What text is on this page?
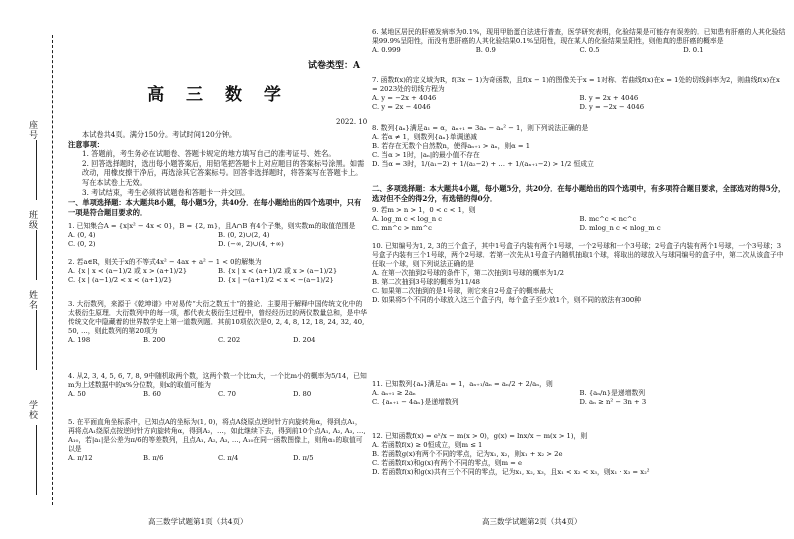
学校
姓名
班级
座号
试卷类型：A
高 三 数 学
2022. 10
本试卷共4页。满分150分。考试时间120分钟。
注意事项：
1. 答题前，考生务必在试题卷、答题卡规定的地方填写自己的准考证号、姓名。
2. 回答选择题时，选出每小题答案后，用铅笔把答题卡上对应题目的答案标号涂黑。如需改动，用橡皮擦干净后，再选涂其它答案标号。回答非选择题时，将答案写在答题卡上。写在本试卷上无效。
3. 考试结束，考生必须将试题卷和答题卡一并交回。
一、单项选择题：本大题共8小题，每小题5分，共40分．在每小题给出的四个选项中，只有一项是符合题目要求的．
1. 已知集合A = {x|x² − 4x < 0}，B = {2, m}，且A∩B 有4个子集，则实数m的取值范围是
A. (0, 4)	B. (0, 2)∪(2, 4)
C. (0, 2)	D. (−∞, 2)∪(4, +∞)
2. 若a∈R，则关于x的不等式4x² − 4ax + a² − 1 < 0的解集为
A. {x | x < (a−1)/2 或 x > (a+1)/2}	B. {x | x < (a+1)/2 或 x > (a−1)/2}
C. {x | (a−1)/2 < x < (a+1)/2}	D. {x | −(a+1)/2 < x < −(a−1)/2}
3. 大衍数列，来源于《乾坤谱》中对易传“大衍之数五十”的推论．主要用于解释中国传统文化中的太极衍生原理．大衍数列中的每一项，都代表太极衍生过程中，曾经经历过的两仪数量总和，是中华传统文化中隐藏着的世界数学史上第一道数列题．其前10项依次是0, 2, 4, 8, 12, 18, 24, 32, 40, 50, …，则此数列的第20项为
A. 198	B. 200	C. 202	D. 204
4. 从2, 3, 4, 5, 6, 7, 8, 9中随机取两个数，这两个数一个比m大，一个比m小的概率为5/14，已知m为上述数据中的x%分位数，则x的取值可能为
A. 50	B. 60	C. 70	D. 80
5. 在平面直角坐标系中，已知点A的坐标为(1, 0)，将点A绕原点逆时针方向旋转角α，得到点A₁，再将点A₁绕原点按逆时针方向旋转角α，得到A₂，…，如此继续下去，得到前10个点A₁, A₂, A₃, …, A₁₀，若|a₁|是公差为π/6的等差数列，且点A₁, A₂, A₃, …, A₁₀在同一函数图像上，则角α₁的取值可以是
A. π/12	B. π/6	C. π/4	D. π/5
高三数学试题第1页（共4页）
6. 某地区居民的肝癌发病率为0.1%，现用甲胎蛋白法进行普查，医学研究表明，化验结果是可能存有误差的．已知患有肝癌的人其化验结果99.9%呈阳性，而没有患肝癌的人其化验结果0.1%呈阳性，现在某人的化验结果呈阳性，则他真的患肝癌的概率是
A. 0.999	B. 0.9	C. 0.5	D. 0.1
7. 函数f(x)的定义域为R，f(3x − 1)为奇函数，且f(x − 1)的图像关于x = 1对称．若曲线f(x)在x = 1处的切线斜率为2，则曲线f(x)在x = 2023处的切线方程为
A. y = −2x + 4046	B. y = 2x + 4046
C. y = 2x − 4046	D. y = −2x − 4046
8. 数列{aₙ}满足a₁ = α，aₙ₊₁ = 3aₙ − aₙ² − 1，则下列说法正确的是
A. 若α ≠ 1，则数列{aₙ}单调递减
B. 若存在无数个自然数n，使得aₙ₊₁ > aₙ，则α = 1
C. 当α > 1时，|aₙ|的最小值不存在
D. 当α = 3时，1/(a₁−2) + 1/(a₂−2) + … + 1/(aₙ₊₁−2) > 1/2 恒成立
二、多项选择题：本大题共4小题，每小题5分，共20分．在每小题给出的四个选项中，有多项符合题目要求，全部选对的得5分，选对但不全的得2分，有选错的得0分．
9. 若m > n > 1，0 < c < 1，则
A. log_m c < log_n c	B. mc^c < nc^c
C. mn^c > nm^c	D. mlog_n c < nlog_m c
10. 已知编号为1, 2, 3的三个盒子，其中1号盒子内装有两个1号球，一个2号球和一个3号球；2号盒子内装有两个1号球，一个3号球；3号盒子内装有三个1号球，两个2号球．若第一次先从1号盒子内随机抽取1个球，将取出的球放入与球同编号的盒子中，第二次从该盒子中任取一个球，则下列说法正确的是
A. 在第一次抽到2号球的条件下，第二次抽到1号球的概率为1/2
B. 第二次抽到3号球的概率为11/48
C. 如果第二次抽到的是1号球，则它来自2号盒子的概率最大
D. 如果将5个不同的小球放入这三个盒子内，每个盒子至少放1个，则不同的放法有300种
11. 已知数列{aₙ}满足a₁ = 1，aₙ₊₁/aₙ = aₙ/2 + 2/aₙ，则
A. aₙ₊₁ ≥ 2aₙ	B. {aₙ/n}是递增数列
C. {aₙ₊₁ − 4aₙ}是递增数列	D. aₙ ≥ n² − 3n + 3
12. 已知函数f(x) = eˣ/x − m(x > 0)，g(x) = lnx/x − m(x > 1)，则
A. 若函数f(x) ≥ 0恒成立，则m ≤ 1
B. 若函数g(x)有两个不同的零点，记为x₁, x₂，则x₁ + x₂ > 2e
C. 若函数f(x)和g(x)有两个不同的零点，则m = e
D. 若函数f(x)和g(x)共有三个不同的零点，记为x₁, x₂, x₃，且x₁ < x₂ < x₃，则x₁ · x₃ = x₂²
高三数学试题第2页（共4页）
